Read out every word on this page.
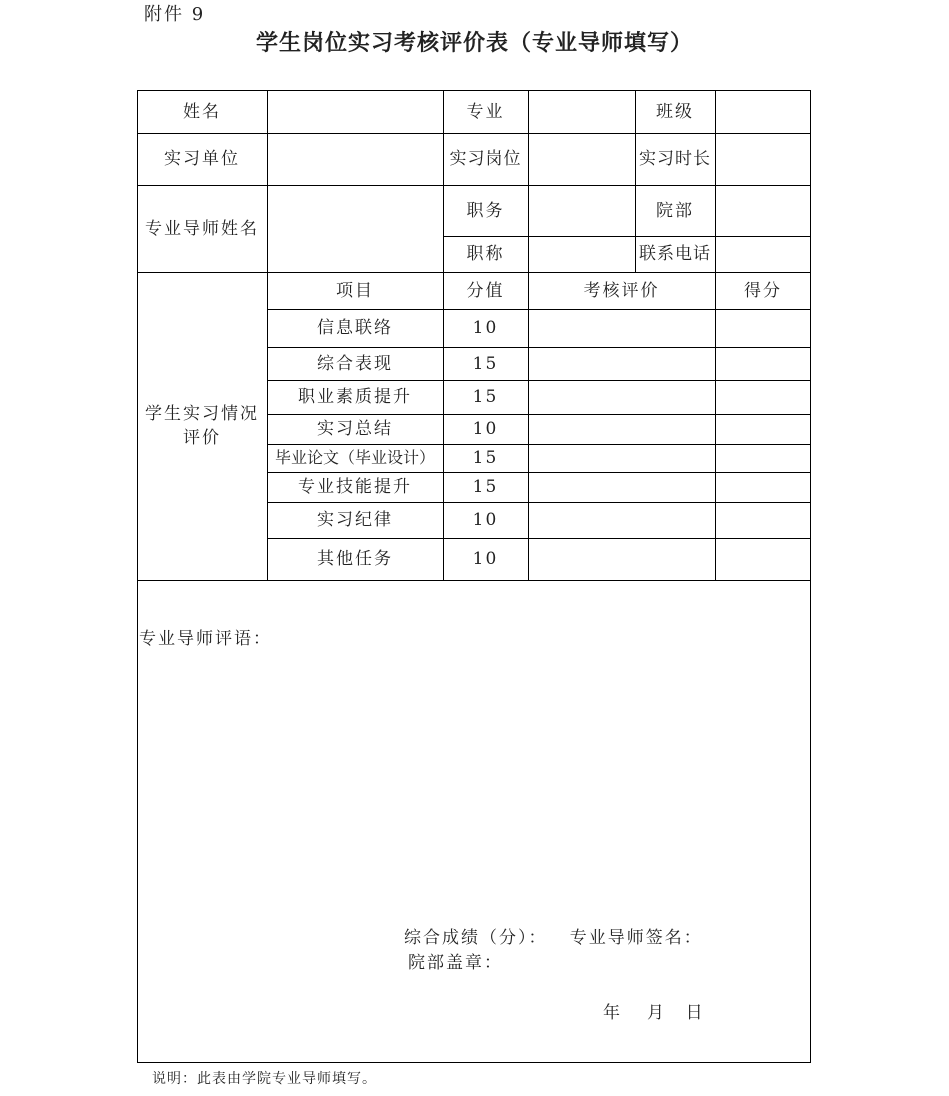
附件 9
学生岗位实习考核评价表（专业导师填写）
姓名	专业	班级
实习单位	实习岗位	实习时长
专业导师姓名
职务	院部
职称	联系电话
学生实习情况评价
项目	分值	考核评价	得分
信息联络	10
综合表现	15
职业素质提升	15
实习总结	10
毕业论文（毕业设计）	15
专业技能提升	15
实习纪律	10
其他任务	10
专业导师评语：
综合成绩（分）：   专业导师签名：
院部盖章：
年     月    日
说明：此表由学院专业导师填写。
